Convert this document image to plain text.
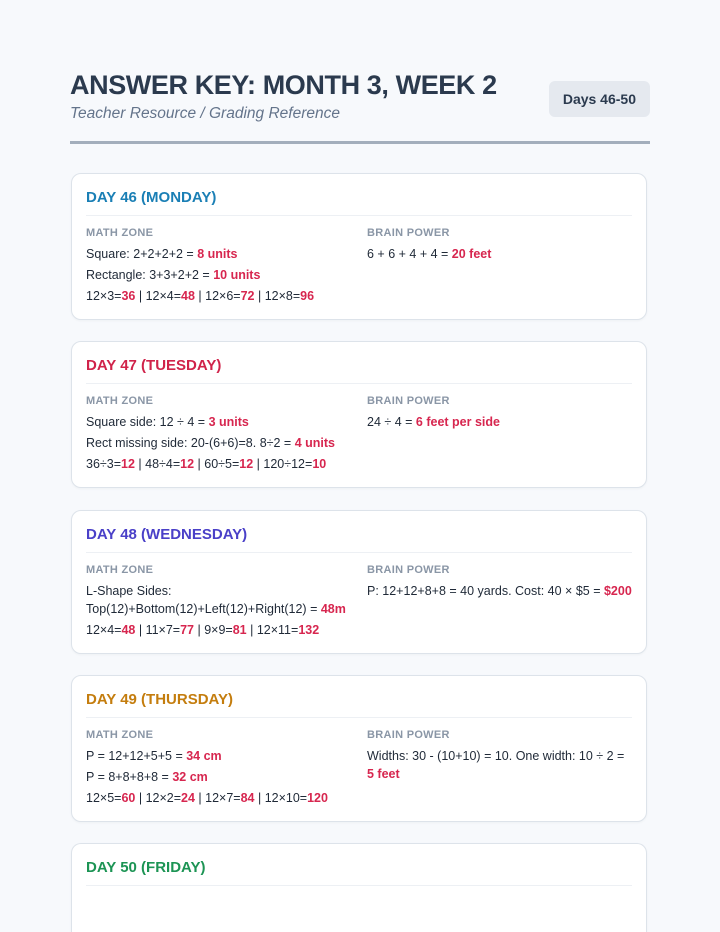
ANSWER KEY: MONTH 3, WEEK 2
Teacher Resource / Grading Reference
Days 46-50
DAY 46 (MONDAY)
MATH ZONE
Square: 2+2+2+2 = 8 units
Rectangle: 3+3+2+2 = 10 units
12×3=36 | 12×4=48 | 12×6=72 | 12×8=96
BRAIN POWER
6 + 6 + 4 + 4 = 20 feet
DAY 47 (TUESDAY)
MATH ZONE
Square side: 12 ÷ 4 = 3 units
Rect missing side: 20-(6+6)=8. 8÷2 = 4 units
36÷3=12 | 48÷4=12 | 60÷5=12 | 120÷12=10
BRAIN POWER
24 ÷ 4 = 6 feet per side
DAY 48 (WEDNESDAY)
MATH ZONE
L-Shape Sides: Top(12)+Bottom(12)+Left(12)+Right(12) = 48m
12×4=48 | 11×7=77 | 9×9=81 | 12×11=132
BRAIN POWER
P: 12+12+8+8 = 40 yards. Cost: 40 × $5 = $200
DAY 49 (THURSDAY)
MATH ZONE
P = 12+12+5+5 = 34 cm
P = 8+8+8+8 = 32 cm
12×5=60 | 12×2=24 | 12×7=84 | 12×10=120
BRAIN POWER
Widths: 30 - (10+10) = 10. One width: 10 ÷ 2 = 5 feet
DAY 50 (FRIDAY)
